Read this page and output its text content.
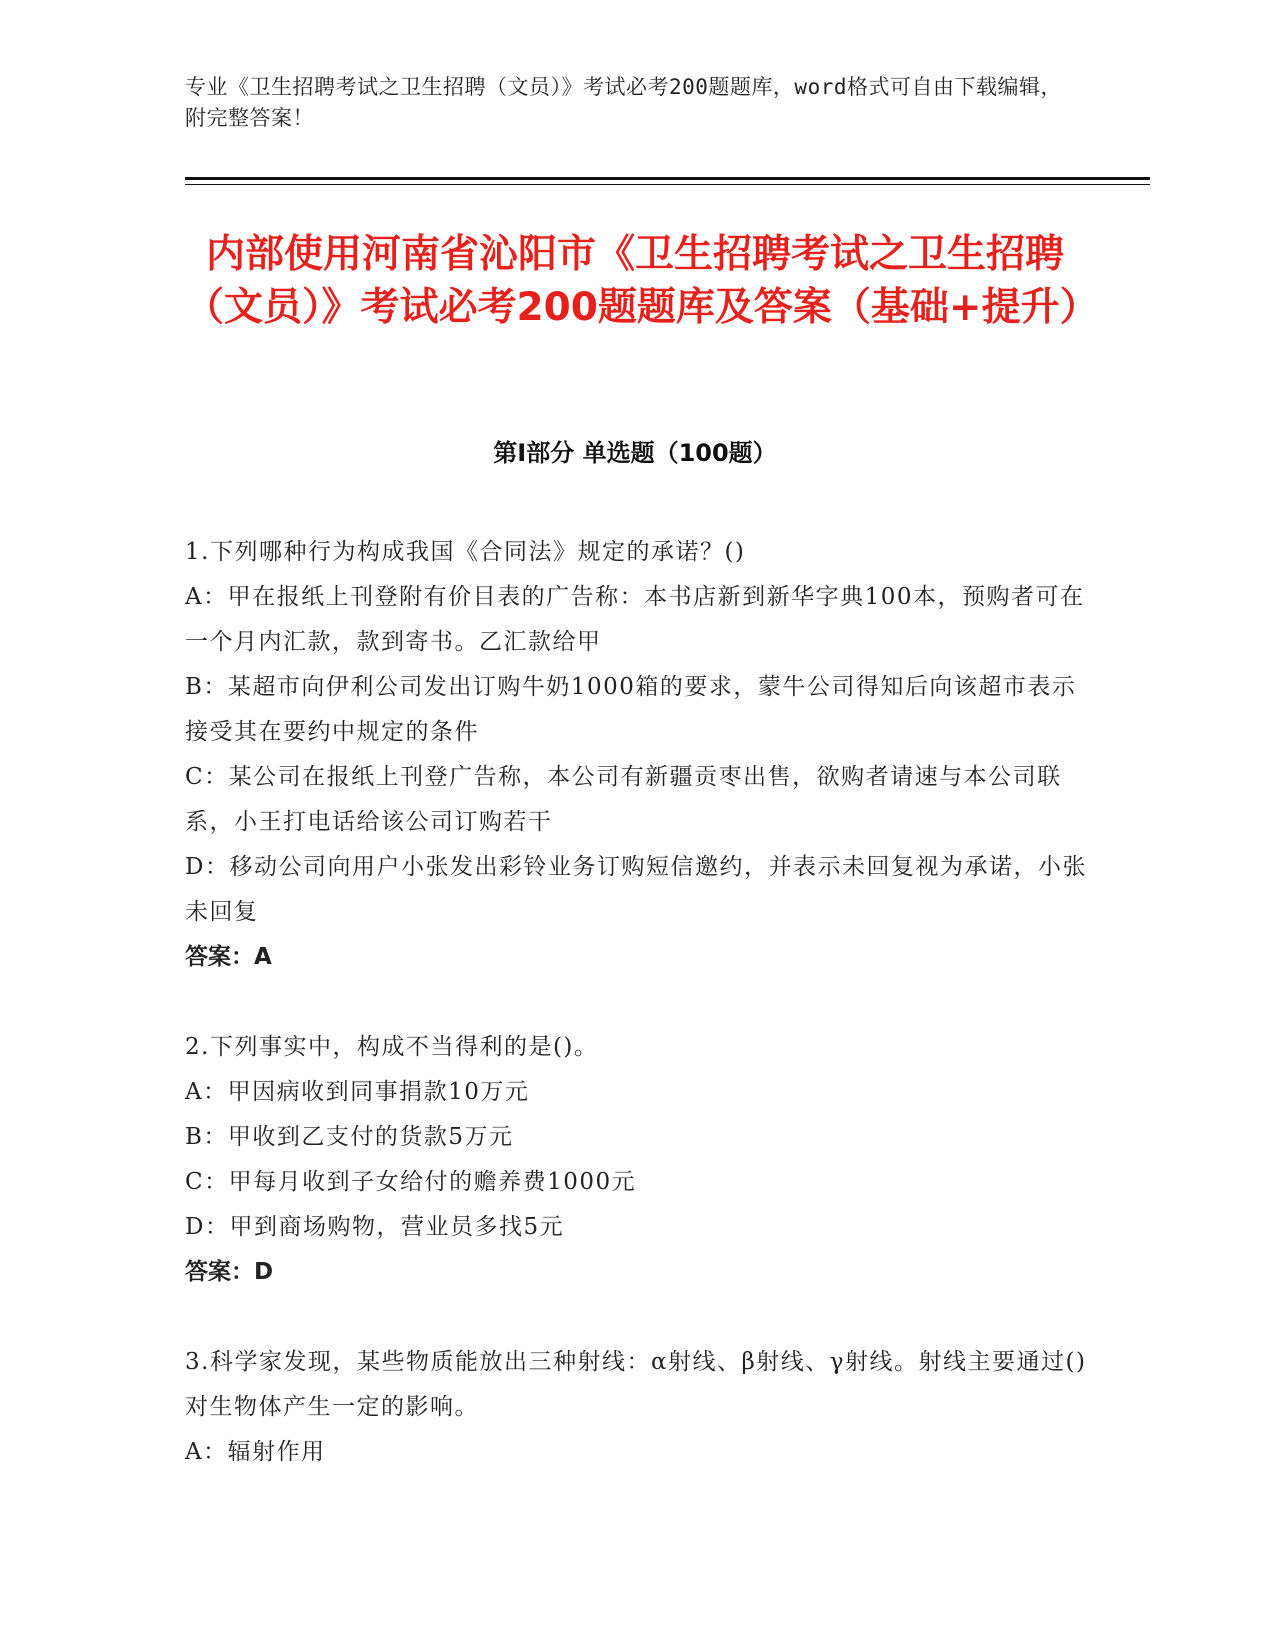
专业《卫生招聘考试之卫生招聘（文员）》考试必考200题题库，word格式可自由下载编辑，附完整答案！
内部使用河南省沁阳市《卫生招聘考试之卫生招聘（文员）》考试必考200题题库及答案（基础+提升）
第I部分 单选题（100题）

1.下列哪种行为构成我国《合同法》规定的承诺？()

A：甲在报纸上刊登附有价目表的广告称：本书店新到新华字典100本，预购者可在一个月内汇款，款到寄书。乙汇款给甲

B：某超市向伊利公司发出订购牛奶1000箱的要求，蒙牛公司得知后向该超市表示接受其在要约中规定的条件

C：某公司在报纸上刊登广告称，本公司有新疆贡枣出售，欲购者请速与本公司联系，小王打电话给该公司订购若干

D：移动公司向用户小张发出彩铃业务订购短信邀约，并表示未回复视为承诺，小张未回复

答案：A

2.下列事实中，构成不当得利的是()。

A：甲因病收到同事捐款10万元

B：甲收到乙支付的货款5万元

C：甲每月收到子女给付的赡养费1000元

D：甲到商场购物，营业员多找5元

答案：D

3.科学家发现，某些物质能放出三种射线：α射线、β射线、γ射线。射线主要通过()对生物体产生一定的影响。

A：辐射作用
